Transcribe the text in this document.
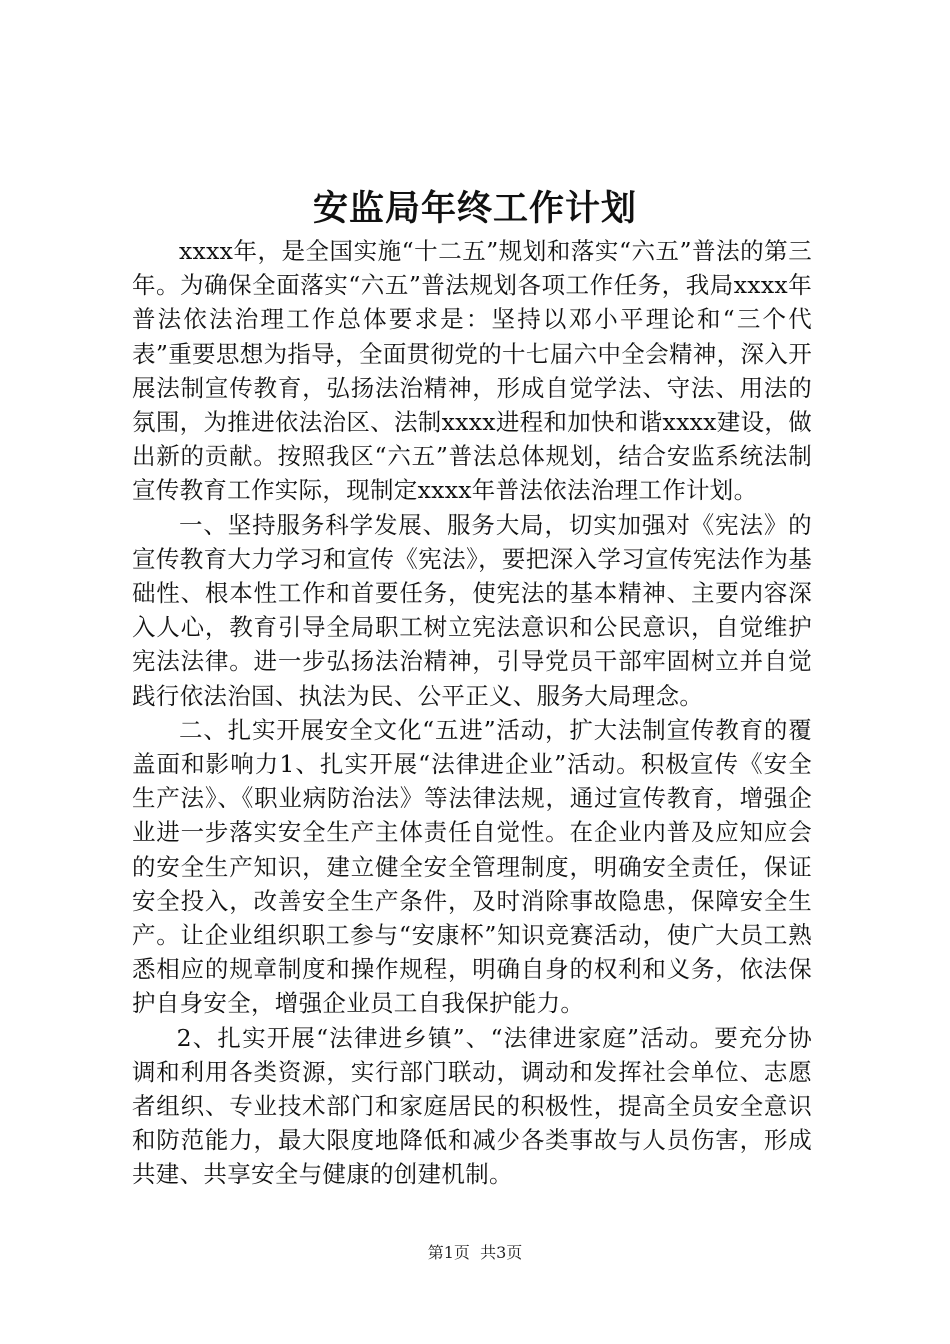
安监局年终工作计划

xxxx年，是全国实施“十二五”规划和落实“六五”普法的第三年。为确保全面落实“六五”普法规划各项工作任务，我局xxxx年普法依法治理工作总体要求是：坚持以邓小平理论和“三个代表”重要思想为指导，全面贯彻党的十七届六中全会精神，深入开展法制宣传教育，弘扬法治精神，形成自觉学法、守法、用法的氛围，为推进依法治区、法制xxxx进程和加快和谐xxxx建设，做出新的贡献。按照我区“六五”普法总体规划，结合安监系统法制宣传教育工作实际，现制定xxxx年普法依法治理工作计划。

一、坚持服务科学发展、服务大局，切实加强对《宪法》的宣传教育大力学习和宣传《宪法》，要把深入学习宣传宪法作为基础性、根本性工作和首要任务，使宪法的基本精神、主要内容深入人心，教育引导全局职工树立宪法意识和公民意识，自觉维护宪法法律。进一步弘扬法治精神，引导党员干部牢固树立并自觉践行依法治国、执法为民、公平正义、服务大局理念。

二、扎实开展安全文化“五进”活动，扩大法制宣传教育的覆盖面和影响力1、扎实开展“法律进企业”活动。积极宣传《安全生产法》、《职业病防治法》等法律法规，通过宣传教育，增强企业进一步落实安全生产主体责任自觉性。在企业内普及应知应会的安全生产知识，建立健全安全管理制度，明确安全责任，保证安全投入，改善安全生产条件，及时消除事故隐患，保障安全生产。让企业组织职工参与“安康杯”知识竞赛活动，使广大员工熟悉相应的规章制度和操作规程，明确自身的权利和义务，依法保护自身安全，增强企业员工自我保护能力。

2、扎实开展“法律进乡镇”、“法律进家庭”活动。要充分协调和利用各类资源，实行部门联动，调动和发挥社会单位、志愿者组织、专业技术部门和家庭居民的积极性，提高全员安全意识和防范能力，最大限度地降低和减少各类事故与人员伤害，形成共建、共享安全与健康的创建机制。

第1页 共3页
